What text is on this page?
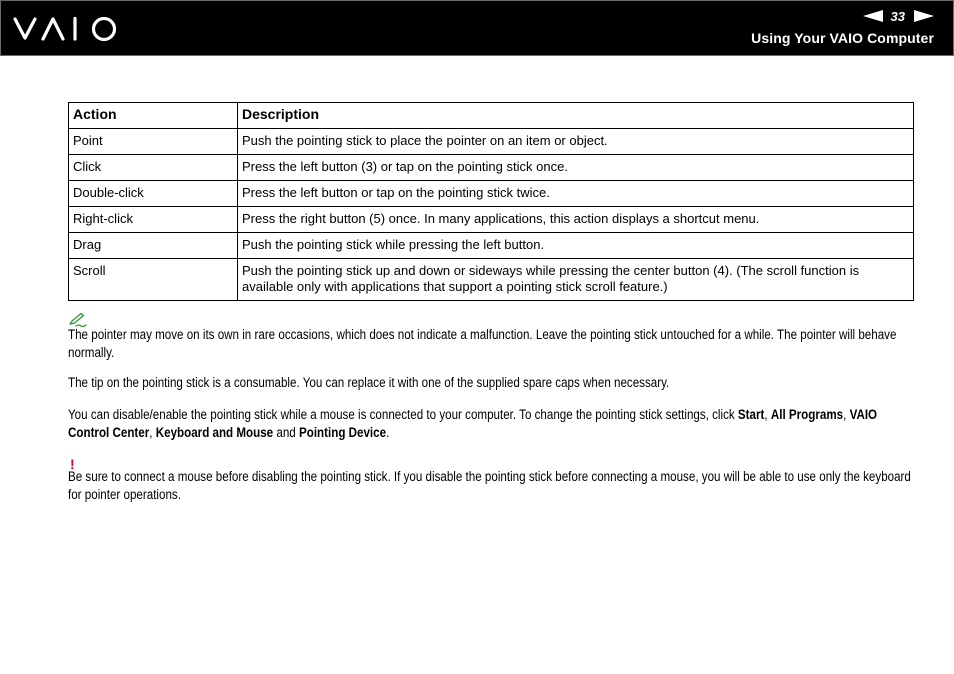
33
Using Your VAIO Computer
Action	Description
Point	Push the pointing stick to place the pointer on an item or object.
Click	Press the left button (3) or tap on the pointing stick once.
Double-click	Press the left button or tap on the pointing stick twice.
Right-click	Press the right button (5) once. In many applications, this action displays a shortcut menu.
Drag	Push the pointing stick while pressing the left button.
Scroll	Push the pointing stick up and down or sideways while pressing the center button (4). (The scroll function is available only with applications that support a pointing stick scroll feature.)
The pointer may move on its own in rare occasions, which does not indicate a malfunction. Leave the pointing stick untouched for a while. The pointer will behave normally.
The tip on the pointing stick is a consumable. You can replace it with one of the supplied spare caps when necessary.
You can disable/enable the pointing stick while a mouse is connected to your computer. To change the pointing stick settings, click Start, All Programs, VAIO Control Center, Keyboard and Mouse and Pointing Device.
!
Be sure to connect a mouse before disabling the pointing stick. If you disable the pointing stick before connecting a mouse, you will be able to use only the keyboard for pointer operations.
